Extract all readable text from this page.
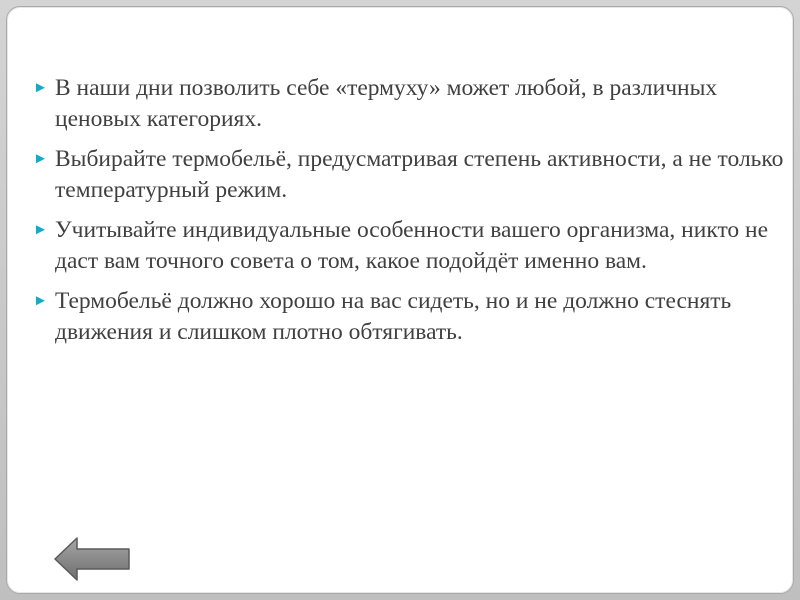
► В наши дни позволить себе «термуху» может любой, в различных ценовых категориях.
► Выбирайте термобельё, предусматривая степень активности, а не только температурный режим.
► Учитывайте индивидуальные особенности вашего организма, никто не даст вам точного совета о том, какое подойдёт именно вам.
► Термобельё должно хорошо на вас сидеть, но и не должно стеснять движения и слишком плотно обтягивать.
